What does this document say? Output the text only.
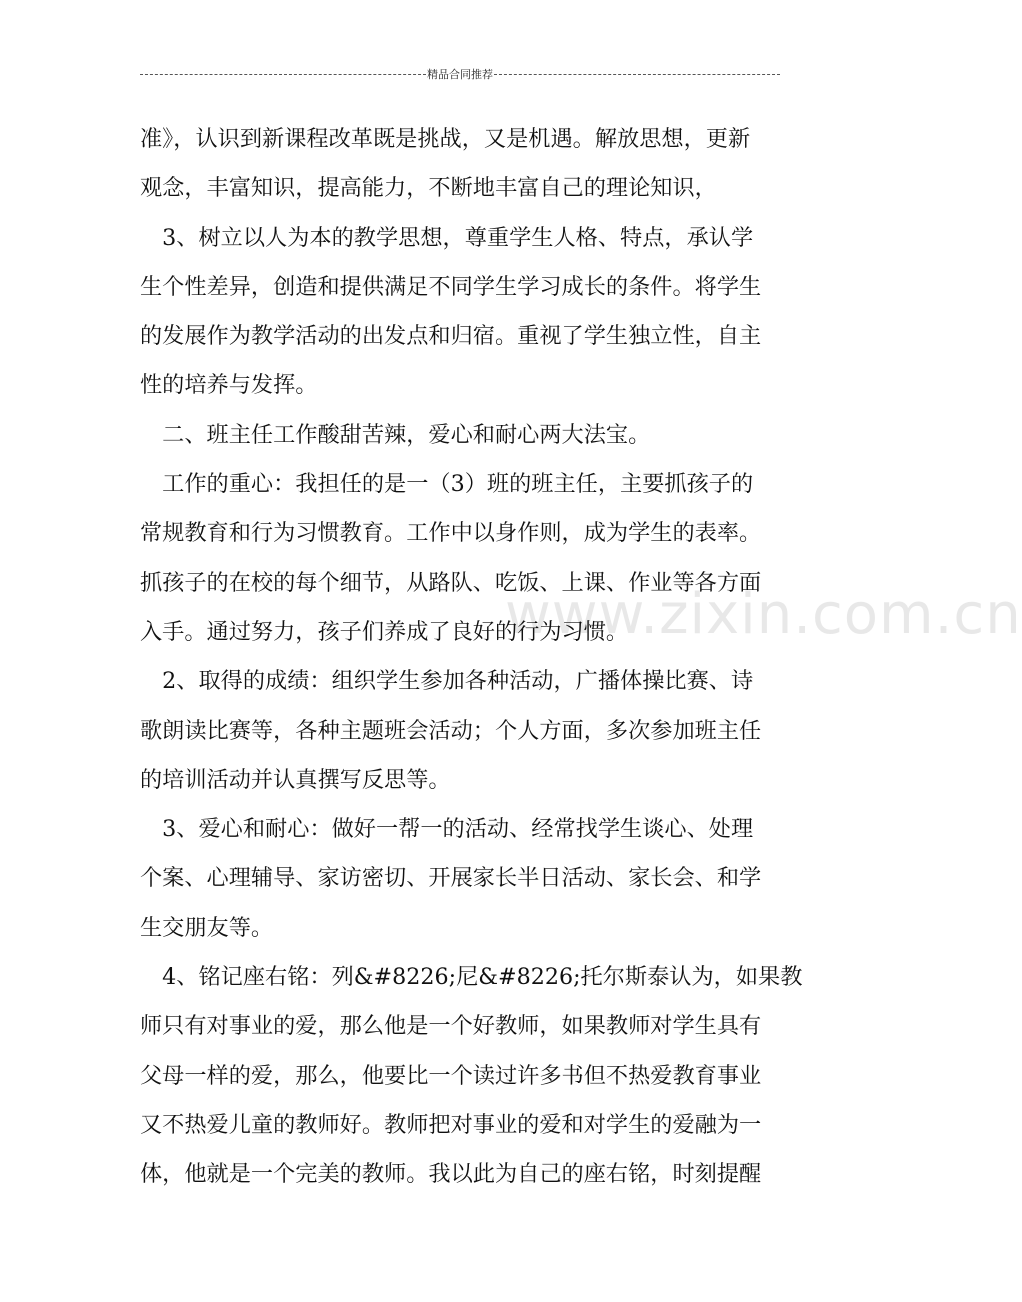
精品合同推荐
www.zixin.com.cn
准》，认识到新课程改革既是挑战，又是机遇。解放思想，更新
观念，丰富知识，提高能力，不断地丰富自己的理论知识，
　3、树立以人为本的教学思想，尊重学生人格、特点，承认学
生个性差异，创造和提供满足不同学生学习成长的条件。将学生
的发展作为教学活动的出发点和归宿。重视了学生独立性，自主
性的培养与发挥。
　二、班主任工作酸甜苦辣，爱心和耐心两大法宝。
　工作的重心：我担任的是一（3）班的班主任，主要抓孩子的
常规教育和行为习惯教育。工作中以身作则，成为学生的表率。
抓孩子的在校的每个细节，从路队、吃饭、上课、作业等各方面
入手。通过努力，孩子们养成了良好的行为习惯。
　2、取得的成绩：组织学生参加各种活动，广播体操比赛、诗
歌朗读比赛等，各种主题班会活动；个人方面，多次参加班主任
的培训活动并认真撰写反思等。
　3、爱心和耐心：做好一帮一的活动、经常找学生谈心、处理
个案、心理辅导、家访密切、开展家长半日活动、家长会、和学
生交朋友等。
　4、铭记座右铭：列&#8226;尼&#8226;托尔斯泰认为，如果教
师只有对事业的爱，那么他是一个好教师，如果教师对学生具有
父母一样的爱，那么，他要比一个读过许多书但不热爱教育事业
又不热爱儿童的教师好。教师把对事业的爱和对学生的爱融为一
体，他就是一个完美的教师。我以此为自己的座右铭，时刻提醒
